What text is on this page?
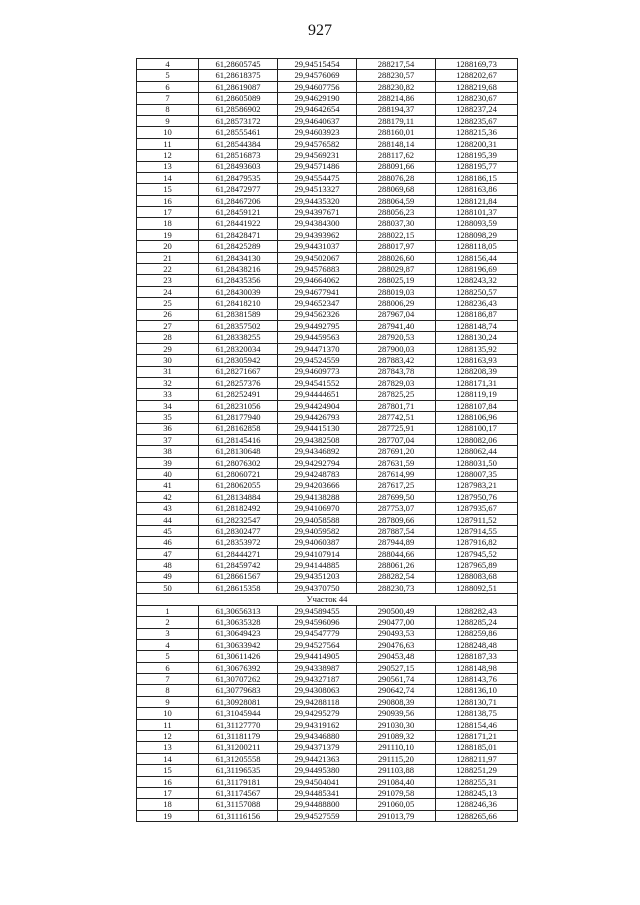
927
4	61,28605745	29,94515454	288217,54	1288169,73
5	61,28618375	29,94576069	288230,57	1288202,67
6	61,28619087	29,94607756	288230,82	1288219,68
7	61,28605089	29,94629190	288214,86	1288230,67
8	61,28586902	29,94642654	288194,37	1288237,24
9	61,28573172	29,94640637	288179,11	1288235,67
10	61,28555461	29,94603923	288160,01	1288215,36
11	61,28544384	29,94576582	288148,14	1288200,31
12	61,28516873	29,94569231	288117,62	1288195,39
13	61,28493603	29,94571486	288091,66	1288195,77
14	61,28479535	29,94554475	288076,28	1288186,15
15	61,28472977	29,94513327	288069,68	1288163,86
16	61,28467206	29,94435320	288064,59	1288121,84
17	61,28459121	29,94397671	288056,23	1288101,37
18	61,28441922	29,94384300	288037,30	1288093,59
19	61,28428471	29,94393962	288022,15	1288098,29
20	61,28425289	29,94431037	288017,97	1288118,05
21	61,28434130	29,94502067	288026,60	1288156,44
22	61,28438216	29,94576883	288029,87	1288196,69
23	61,28435356	29,94664062	288025,19	1288243,32
24	61,28430039	29,94677941	288019,03	1288250,57
25	61,28418210	29,94652347	288006,29	1288236,43
26	61,28381589	29,94562326	287967,04	1288186,87
27	61,28357502	29,94492795	287941,40	1288148,74
28	61,28338255	29,94459563	287920,53	1288130,24
29	61,28320034	29,94471370	287900,03	1288135,92
30	61,28305942	29,94524559	287883,42	1288163,93
31	61,28271667	29,94609773	287843,78	1288208,39
32	61,28257376	29,94541552	287829,03	1288171,31
33	61,28252491	29,94444651	287825,25	1288119,19
34	61,28231056	29,94424904	287801,71	1288107,84
35	61,28177940	29,94426793	287742,51	1288106,96
36	61,28162858	29,94415130	287725,91	1288100,17
37	61,28145416	29,94382508	287707,04	1288082,06
38	61,28130648	29,94346892	287691,20	1288062,44
39	61,28076302	29,94292794	287631,59	1288031,50
40	61,28060721	29,94248783	287614,99	1288007,35
41	61,28062055	29,94203666	287617,25	1287983,21
42	61,28134884	29,94138288	287699,50	1287950,76
43	61,28182492	29,94106970	287753,07	1287935,67
44	61,28232547	29,94058588	287809,66	1287911,52
45	61,28302477	29,94059582	287887,54	1287914,55
46	61,28353972	29,94060387	287944,89	1287916,82
47	61,28444271	29,94107914	288044,66	1287945,52
48	61,28459742	29,94144885	288061,26	1287965,89
49	61,28661567	29,94351203	288282,54	1288083,68
50	61,28615358	29,94370750	288230,73	1288092,51
Участок 44				
1	61,30656313	29,94589455	290500,49	1288282,43
2	61,30635328	29,94596096	290477,00	1288285,24
3	61,30649423	29,94547779	290493,53	1288259,86
4	61,30633942	29,94527564	290476,63	1288248,48
5	61,30611426	29,94414905	290453,48	1288187,33
6	61,30676392	29,94338987	290527,15	1288148,98
7	61,30707262	29,94327187	290561,74	1288143,76
8	61,30779683	29,94308063	290642,74	1288136,10
9	61,30928081	29,94288118	290808,39	1288130,71
10	61,31045944	29,94295279	290939,56	1288138,75
11	61,31127770	29,94319162	291030,30	1288154,46
12	61,31181179	29,94346880	291089,32	1288171,21
13	61,31200211	29,94371379	291110,10	1288185,01
14	61,31205558	29,94421363	291115,20	1288211,97
15	61,31196535	29,94495380	291103,88	1288251,29
16	61,31179181	29,94504041	291084,40	1288255,31
17	61,31174567	29,94485341	291079,58	1288245,13
18	61,31157088	29,94488800	291060,05	1288246,36
19	61,31116156	29,94527559	291013,79	1288265,66
